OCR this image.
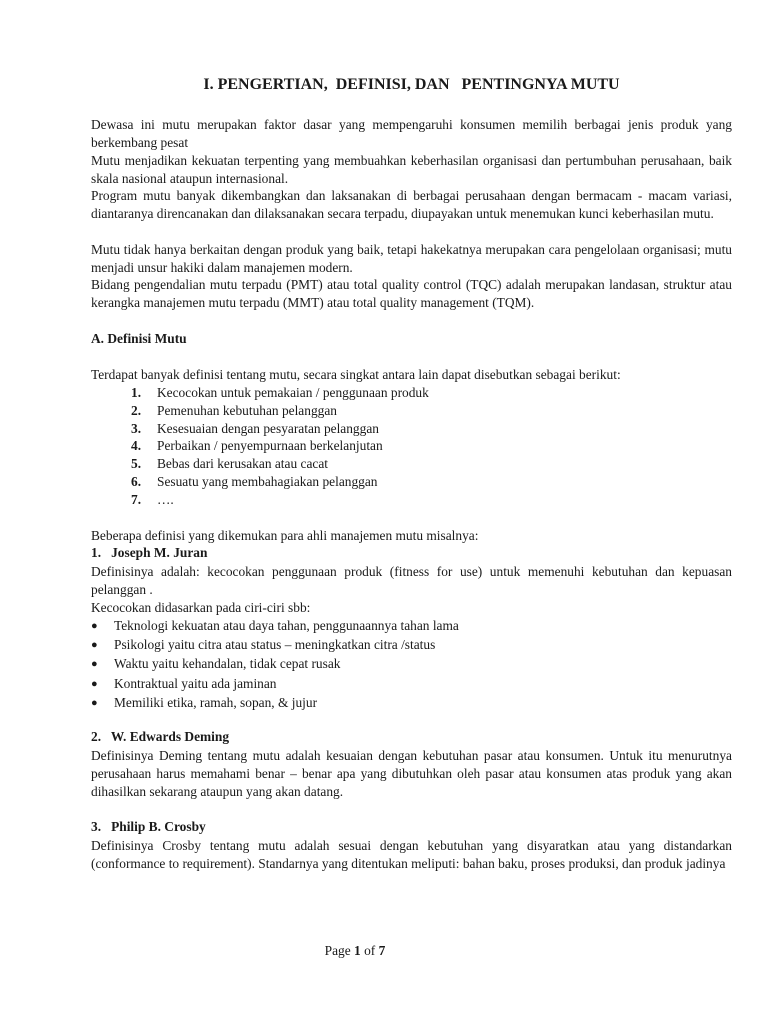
I. PENGERTIAN,  DEFINISI, DAN   PENTINGNYA MUTU
Dewasa ini mutu merupakan faktor dasar yang mempengaruhi konsumen memilih berbagai jenis produk yang berkembang pesat
Mutu menjadikan kekuatan terpenting yang membuahkan keberhasilan organisasi dan pertumbuhan perusahaan, baik skala nasional ataupun internasional.
Program mutu banyak dikembangkan dan laksanakan di berbagai perusahaan dengan bermacam - macam variasi, diantaranya direncanakan dan dilaksanakan secara terpadu, diupayakan untuk menemukan kunci keberhasilan mutu.
Mutu tidak hanya berkaitan dengan produk yang baik, tetapi hakekatnya merupakan cara pengelolaan organisasi; mutu menjadi unsur hakiki dalam manajemen modern.
Bidang pengendalian mutu terpadu (PMT) atau total quality control (TQC) adalah merupakan landasan, struktur atau kerangka manajemen mutu terpadu (MMT) atau total quality management (TQM).
A. Definisi Mutu
Terdapat banyak definisi tentang mutu, secara singkat antara lain dapat disebutkan sebagai berikut:
1. Kecocokan untuk pemakaian / penggunaan produk
2. Pemenuhan kebutuhan pelanggan
3. Kesesuaian dengan pesyaratan pelanggan
4. Perbaikan / penyempurnaan berkelanjutan
5. Bebas dari kerusakan atau cacat
6. Sesuatu yang membahagiakan pelanggan
7. ….
Beberapa definisi yang dikemukan para ahli manajemen mutu misalnya:
1.   Joseph M. Juran
Definisinya adalah: kecocokan penggunaan produk (fitness for use) untuk memenuhi kebutuhan dan kepuasan pelanggan .
Kecocokan didasarkan pada ciri-ciri sbb:
● Teknologi kekuatan atau daya tahan, penggunaannya tahan lama
● Psikologi yaitu citra atau status – meningkatkan citra /status
● Waktu yaitu kehandalan, tidak cepat rusak
● Kontraktual yaitu ada jaminan
● Memiliki etika, ramah, sopan, & jujur
2.   W. Edwards Deming
Definisinya Deming tentang mutu adalah kesuaian dengan kebutuhan pasar atau konsumen. Untuk itu menurutnya perusahaan harus memahami benar – benar apa yang dibutuhkan oleh pasar atau konsumen atas produk yang akan dihasilkan sekarang ataupun yang akan datang.
3.   Philip B. Crosby
Definisinya Crosby tentang mutu adalah sesuai dengan kebutuhan yang disyaratkan atau yang distandarkan (conformance to requirement). Standarnya yang ditentukan meliputi: bahan baku, proses produksi, dan produk jadinya
Page 1 of 7
